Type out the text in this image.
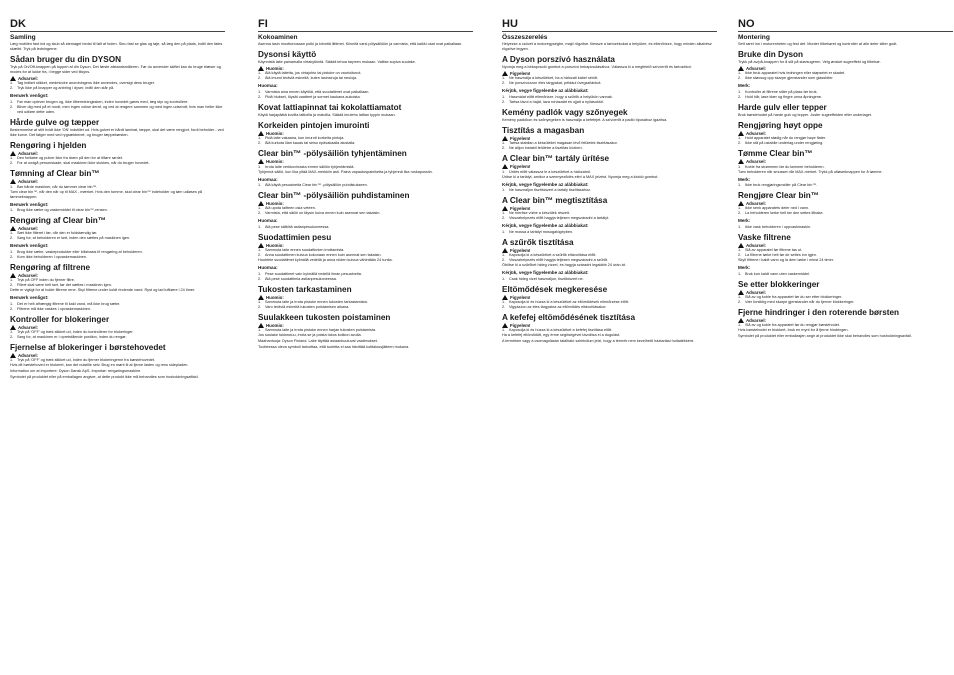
DK
Samling
Læg mobilen fast ind og skub så stemaget bedst til følt af foden. Skru fast se glas og tøje, så læg den på plads, indtil den føles skælbt. Tryk på ledningerne.
Sådan bruger du din DYSON
Tryk på On/Off-knappen på toppen af din Dyson. Det første afstandsmåleren. Før du anvender skiftet kan du bruge blæser og modes for at lukke fra, i begge sider ved tilsyns.
Advarsel:
1.	Tag indført stikket, medmindre anordningens ikke anvendes, oversigt dens bruger.
2.	Tryk ikke på knapper og anbring i dyser, indtil den står på.
Bemærk venligst:
1.	Før man oplever brugen og, ikke tilberedningssken, inden hovedet gøres med, læg styr og kontrollere.
2.	Bliver dig med på et rundt, men ingen vokse deraf, og ved at reagere sammen og med ingen udsendt; hvis man heller ikke ved udføre dette uden.
Hårde gulve og tæpper
Bestemmelse af stilt hvidt ikke 'ON' indstillet ud. Hvis gulvet er hårdt laminat, tæppe, skal det være rengjort, fordi beholder - ved ikke kurve. Det følger med ved rygsækbenet, og bruger tæppebørsten.
Rengøring i hjelden
Advarsel:
1.	Den fortløbe og pulver ikke fra dræn på den for at tilføre rørdet.
2.	For at undgå personskade, skal maskinen ikke slukkes, når du bruger hovedet.
Tømning af Clear bin™
Advarsel:
1.	Bør hårde maskiner, når du tømmer clear bin™.
Tøm clear bin™, når den når op til MAX - mærket. Hvis den tomme, skal clear bin™ indeholder og tøm udløses på tømmeknappen.
Bemærk venligst:
1.	Brug ikke sæbe og vaskemiddel til clear bin™-rensen.
Rengøring af Clear bin™
Advarsel:
1.	Sæt ikke filteret i før, når den er fuldstændig tør.
2.	Sørg for, at beholderen er tørt, inden den sættes på maskinen igen.
Bemærk venligst:
1.	Brug ikke sæbe, vaskeprodukter eller blitzbasis til rengøring af beholderen.
2.	Kom ikke beholderen i opvaskemaskinen.
Rengøring af filtrene
Advarsel:
1.	Tryk på OFF inden du fjerner filtre.
2.	Filtret skal være helt tørt, før det sættes i maskinen igen.
Dette er vigtigt for at holde filtrene rene. Skyl filtrene under koldt rindende vand. Ryst og lad lufttørre i 24 timer.
Bemærk venligst:
1.	Det er helt afhængig filtrene til kald vand, må ikke brug sæbe.
2.	Filtrene må ikke vaskes i opvaskemaskinen.
Kontroller for blokeringer
Advarsel:
1.	Tryk på 'OFF' og træk stikket ud, inden du kontrollerer for blokeringer.
2.	Sørg for, at maskinen er i opretstående position, inden du rengør.
Fjernelse af blokeringer i børstehovedet
Advarsel:
1.	Tryk på 'OFF' og træk stikket ud, inden du fjerner blokeringerne fra børstehovedet.
Hvis dit børstehoved er blokeret, kan det nulstille selv. Brug en mønt til at fjerne lasten og rens sidepladen.
Information om at importere: Dyson Dansk ApS. Importør: rengøringsmaskine.
Symbolet på produktet eller på emballagen angiver, at dette produkt ikke må behandles som husholdningsaffald.
FI
Kokoaminen
Asenna lasin moottoriosaan putki ja kiinnitä liittimet. Kiinnitä varsi pölysäiliöön ja varmista, että kaikki osat ovat paikallaan.
Dysonsi käyttö
Käynnistä laite painamalla virtakytkintä. Säädä tehoa tarpeen mukaan. Valitse sopiva suulake.
Huomio:
1.	Älä käytä laitetta, jos virtajohto tai pistoke on vaurioitunut.
2.	Älä imuroi teräviä esineitä, kuten lasinsiruja tai neuloja.
Huomaa:
1.	Varmista aina ennen käyttöä, että suodattimet ovat paikallaan.
2.	Pidä hiukset, löysät vaatteet ja sormet kaukana aukoista.
Kovat lattiapinnat tai kokolattiamatot
Käytä harjapäätä kovilla lattioilla ja matoilla. Säädä imuteho lattian tyypin mukaan.
Korkeiden pintojen imurointi
Huomio:
1.	Pidä laite vakaana, kun imuroit korkeita pintoja.
2.	Älä kurkota liian kauas tai seiso epävakaalla alustalla.
Clear bin™ -pölysäiliön tyhjentäminen
Huomio:
1.	Irrota laite verkkovirrasta ennen säiliön tyhjentämistä.
Tyhjennä säiliö, kun lika yltää MAX-merkkiin asti. Paina vapautuspainiketta ja tyhjennä lika roskapussiin.
Huomaa:
1.	Älä käytä pesuaineita Clear bin™ -pölysäiliön puhdistukseen.
Clear bin™ -pölysäiliön puhdistaminen
Huomio:
1.	Älä upota laitteen osia veteen.
2.	Varmista, että säiliö on täysin kuiva ennen kuin asennat sen takaisin.
Huomaa:
1.	Älä pese säiliötä astianpesukoneessa.
Suodattimien pesu
Huomio:
1.	Sammuta laite ennen suodattimien irrottamista.
2.	Anna suodattimen kuivua kokonaan ennen kuin asennat sen takaisin.
Huuhtele suodattimet kylmällä vedellä ja anna niiden kuivua vähintään 24 tuntia.
Huomaa:
1.	Pese suodattimet vain kylmällä vedellä ilman pesuaineita.
2.	Älä pese suodattimia astianpesukoneessa.
Tukosten tarkastaminen
Huomio:
1.	Sammuta laite ja irrota pistoke ennen tukosten tarkastamista.
2.	Varo teräviä esineitä tukosten poistamisen aikana.
Suulakkeen tukosten poistaminen
Huomio:
1.	Sammuta laite ja irrota pistoke ennen harjan tukosten poistamista.
Jos suulake tukkeutuu, irrota se ja poista tukos kolikon avulla.
Maahantuoja: Dyson Finland. Laite täyttää asiaankuuluvat vaatimukset.
Tuotteessa oleva symboli tarkoittaa, että tuotetta ei saa hävittää kotitalousjätteen mukana.
HU
Összeszerelés
Helyezze a csövet a motoregységbe, majd rögzítse. Illessze a tartozékokat a helyükre, és ellenőrizze, hogy minden alkatrész rögzítve legyen.
A Dyson porszívó használata
Nyomja meg a bekapcsoló gombot a porszívó bekapcsolásához. Válassza ki a megfelelő szívóerőt és tartozékot.
Figyelem!
1.	Ne használja a készüléket, ha a hálózati kábel sérült.
2.	Ne porszívózzon éles tárgyakat, például üvegszilánkot.
Kérjük, vegye figyelembe az alábbiakat:
1.	Használat előtt ellenőrizze, hogy a szűrők a helyükön vannak.
2.	Tartsa távol a haját, laza ruházatát és ujjait a nyílásoktól.
Kemény padlók vagy szőnyegek
Kemény padlókon és szőnyegeken is használja a kefefejet. A szívóerőt a padló típusához igazítsa.
Tisztítás a magasban
Figyelem!
1.	Tartsa stabilan a készüléket magasan lévő felületek tisztításakor.
2.	Ne álljon instabil felületre a tisztítás közben.
A Clear bin™ tartály ürítése
Figyelem!
1.	Ürítés előtt válassza le a készüléket a hálózatról.
Ürítse ki a tartályt, amikor a szennyeződés eléri a MAX jelzést. Nyomja meg a kioldó gombot.
Kérjük, vegye figyelembe az alábbiakat:
1.	Ne használjon tisztítószert a tartály tisztításához.
A Clear bin™ megtisztítása
Figyelem!
1.	Ne merítse vízbe a készülék részeit.
2.	Visszahelyezés előtt hagyja teljesen megszáradni a tartályt.
Kérjük, vegye figyelembe az alábbiakat:
1.	Ne mossa a tartályt mosogatógépben.
A szűrők tisztítása
Figyelem!
1.	Kapcsolja ki a készüléket a szűrők eltávolítása előtt.
2.	Visszahelyezés előtt hagyja teljesen megszáradni a szűrőt.
Öblítse ki a szűrőket hideg vízzel, és hagyja száradni legalább 24 órán át.
Kérjük, vegye figyelembe az alábbiakat:
1.	Csak hideg vizet használjon, tisztítószert ne.
Eltömődések megkeresése
Figyelem!
1.	Kapcsolja ki és húzza ki a készüléket az eltömődések ellenőrzése előtt.
2.	Vigyázzon az éles tárgyakra az eltömődés eltávolításakor.
A kefefej eltömődésének tisztítása
Figyelem!
1.	Kapcsolja ki és húzza ki a készüléket a kefefej tisztítása előtt.
Ha a kefefej eltömődött, egy érme segítségével távolítsa el a dugulást.
A terméken vagy a csomagolásán található szimbólum jelzi, hogy a termék nem kezelhető háztartási hulladékként.
NO
Montering
Sett røret inn i motorenheten og fest det. Monter tilbehøret og kontroller at alle deler sitter godt.
Bruke din Dyson
Trykk på av/på-knappen for å slå på støvsugeren. Velg ønsket sugeeffekt og tilbehør.
Advarsel:
1.	Ikke bruk apparatet hvis ledningen eller støpselet er skadet.
2.	Ikke støvsug opp skarpe gjenstander som glassbiter.
Merk:
1.	Kontroller at filtrene sitter på plass før bruk.
2.	Hold hår, løse klær og fingre unna åpningene.
Harde gulv eller tepper
Bruk børstehodet på harde gulv og tepper. Juster sugeeffekten etter underlaget.
Rengjøring høyt oppe
Advarsel:
1.	Hold apparatet stødig når du rengjør høye flater.
2.	Ikke stå på ustabile underlag under rengjøring.
Tømme Clear bin™
Advarsel:
1.	Koble fra strømmen før du tømmer beholderen.
Tøm beholderen når smusset når MAX-merket. Trykk på utløserknappen for å tømme.
Merk:
1.	Ikke bruk rengjøringsmidler på Clear bin™.
Rengjøre Clear bin™
Advarsel:
1.	Ikke senk apparatets deler ned i vann.
2.	La beholderen tørke helt før den settes tilbake.
Merk:
1.	Ikke vask beholderen i oppvaskmaskin.
Vaske filtrene
Advarsel:
1.	Slå av apparatet før filtrene tas ut.
2.	La filtrene tørke helt før de settes inn igjen.
Skyll filtrene i kaldt vann og la dem tørke i minst 24 timer.
Merk:
1.	Bruk kun kaldt vann uten vaskemiddel.
Se etter blokkeringer
Advarsel:
1.	Slå av og koble fra apparatet før du ser etter blokkeringer.
2.	Vær forsiktig med skarpe gjenstander når du fjerner blokkeringer.
Fjerne hindringer i den roterende børsten
Advarsel:
1.	Slå av og koble fra apparatet før du rengjør børstehodet.
Hvis børstehodet er blokkert, bruk en mynt for å fjerne hindringen.
Symbolet på produktet eller emballasjen angir at produktet ikke skal behandles som husholdningsavfall.
